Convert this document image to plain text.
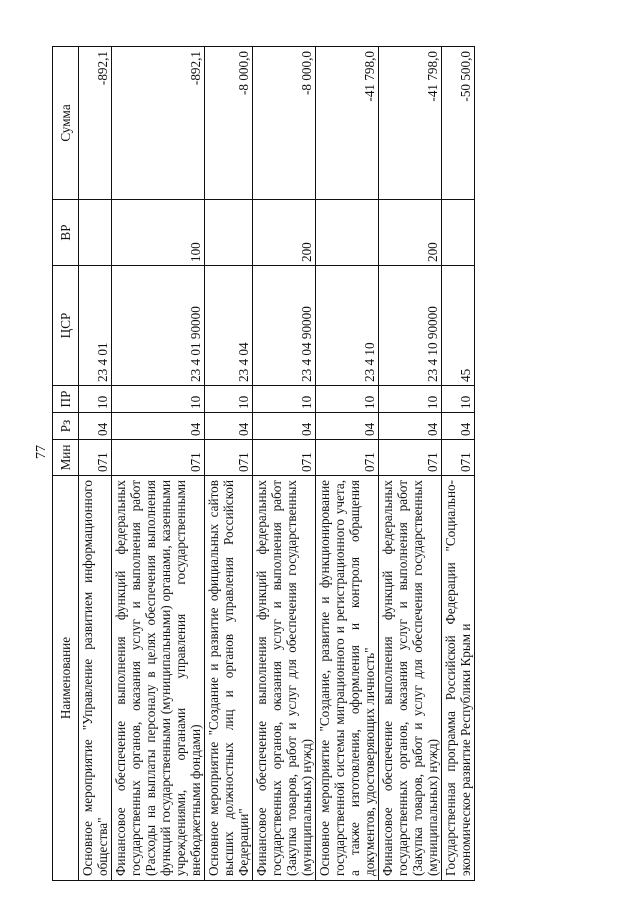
77
Наименование	Мин	Рз	ПР	ЦСР	ВР	Сумма
Основное мероприятие "Управление развитием информационного общества"	071	04	10	23 4 01		-892,1
Финансовое обеспечение выполнения функций федеральных государственных органов, оказания услуг и выполнения работ (Расходы на выплаты персоналу в целях обеспечения выполнения функций государственными (муниципальными) органами, казенными учреждениями, органами управления государственными внебюджетными фондами)	071	04	10	23 4 01 90000	100	-892,1
Основное мероприятие "Создание и развитие официальных сайтов высших должностных лиц и органов управления Российской Федерации"	071	04	10	23 4 04		-8 000,0
Финансовое обеспечение выполнения функций федеральных государственных органов, оказания услуг и выполнения работ (Закупка товаров, работ и услуг для обеспечения государственных (муниципальных) нужд)	071	04	10	23 4 04 90000	200	-8 000,0
Основное мероприятие "Создание, развитие и функционирование государственной системы миграционного и регистрационного учета, а также изготовления, оформления и контроля обращения документов, удостоверяющих личность"	071	04	10	23 4 10		-41 798,0
Финансовое обеспечение выполнения функций федеральных государственных органов, оказания услуг и выполнения работ (Закупка товаров, работ и услуг для обеспечения государственных (муниципальных) нужд)	071	04	10	23 4 10 90000	200	-41 798,0
Государственная программа Российской Федерации "Социально-экономическое развитие Республики Крым и	071	04	10	45		-50 500,0
